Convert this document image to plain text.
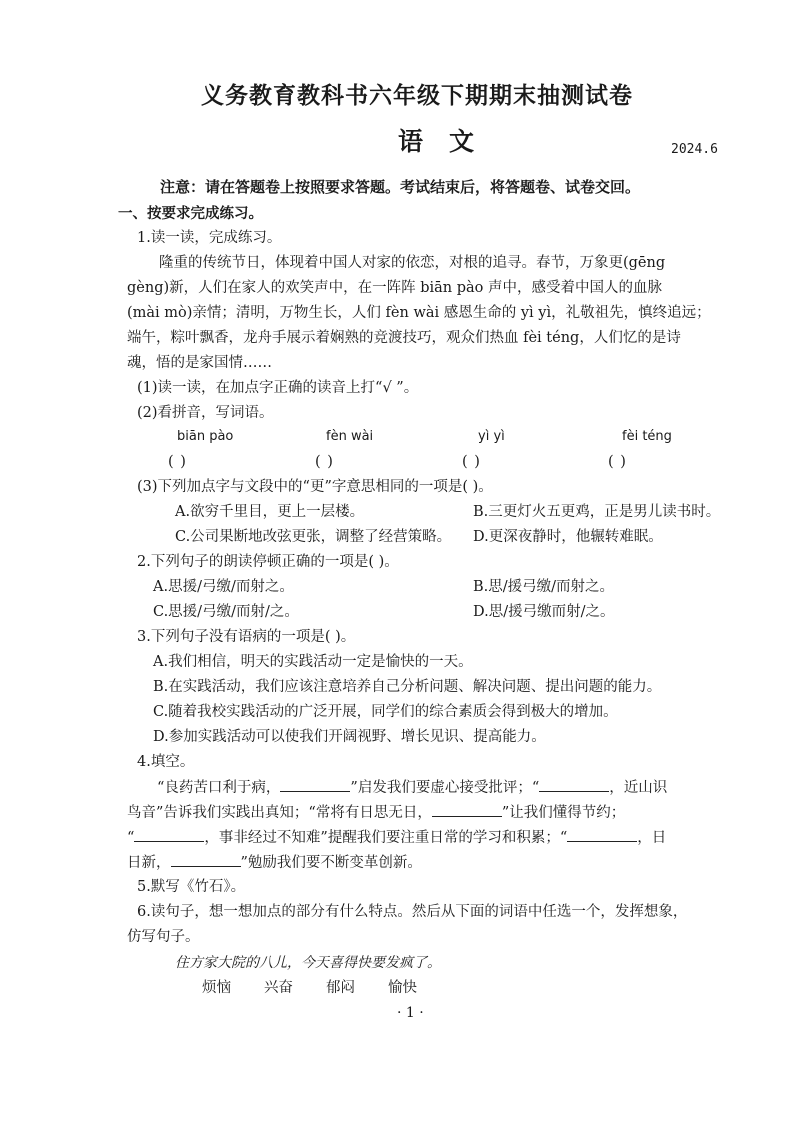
义务教育教科书六年级下期期末抽测试卷
语文	2024.6
注意：请在答题卷上按照要求答题。考试结束后，将答题卷、试卷交回。
一、按要求完成练习。
1.读一读，完成练习。
隆重的传统节日，体现着中国人对家的依恋，对根的追寻。春节，万象更(gēng
gèng)新，人们在家人的欢笑声中，在一阵阵 biān pào 声中，感受着中国人的血脉
(mài mò)亲情；清明，万物生长，人们 fèn wài 感恩生命的 yì yì，礼敬祖先，慎终追远；
端午，粽叶飘香，龙舟手展示着娴熟的竞渡技巧，观众们热血 fèi téng，人们忆的是诗
魂，悟的是家国情……
(1)读一读，在加点字正确的读音上打“√ ”。
(2)看拼音，写词语。
biān pào	fèn wài	yì yì	fèi téng
( )	( )	( )	( )
(3)下列加点字与文段中的“更”字意思相同的一项是( )。
A.欲穷千里目，更上一层楼。	B.三更灯火五更鸡，正是男儿读书时。
C.公司果断地改弦更张，调整了经营策略。 D.更深夜静时，他辗转难眠。
2.下列句子的朗读停顿正确的一项是( )。
A.思援/弓缴/而射之。	B.思/援弓缴/而射之。
C.思援/弓缴/而射/之。	D.思/援弓缴而射/之。
3.下列句子没有语病的一项是( )。
A.我们相信，明天的实践活动一定是愉快的一天。
B.在实践活动，我们应该注意培养自己分析问题、解决问题、提出问题的能力。
C.随着我校实践活动的广泛开展，同学们的综合素质会得到极大的增加。
D.参加实践活动可以使我们开阔视野、增长见识、提高能力。
4.填空。
“良药苦口利于病，	”启发我们要虚心接受批评；“	，近山识
鸟音”告诉我们实践出真知；“常将有日思无日，	”让我们懂得节约；
“	，事非经过不知难”提醒我们要注重日常的学习和积累；“	，日
日新，	”勉励我们要不断变革创新。
5.默写《竹石》。
6.读句子，想一想加点的部分有什么特点。然后从下面的词语中任选一个，发挥想象，
仿写句子。
住方家大院的八儿，今天喜得快要发疯了。
烦恼 兴奋 郁闷 愉快
· 1 ·
